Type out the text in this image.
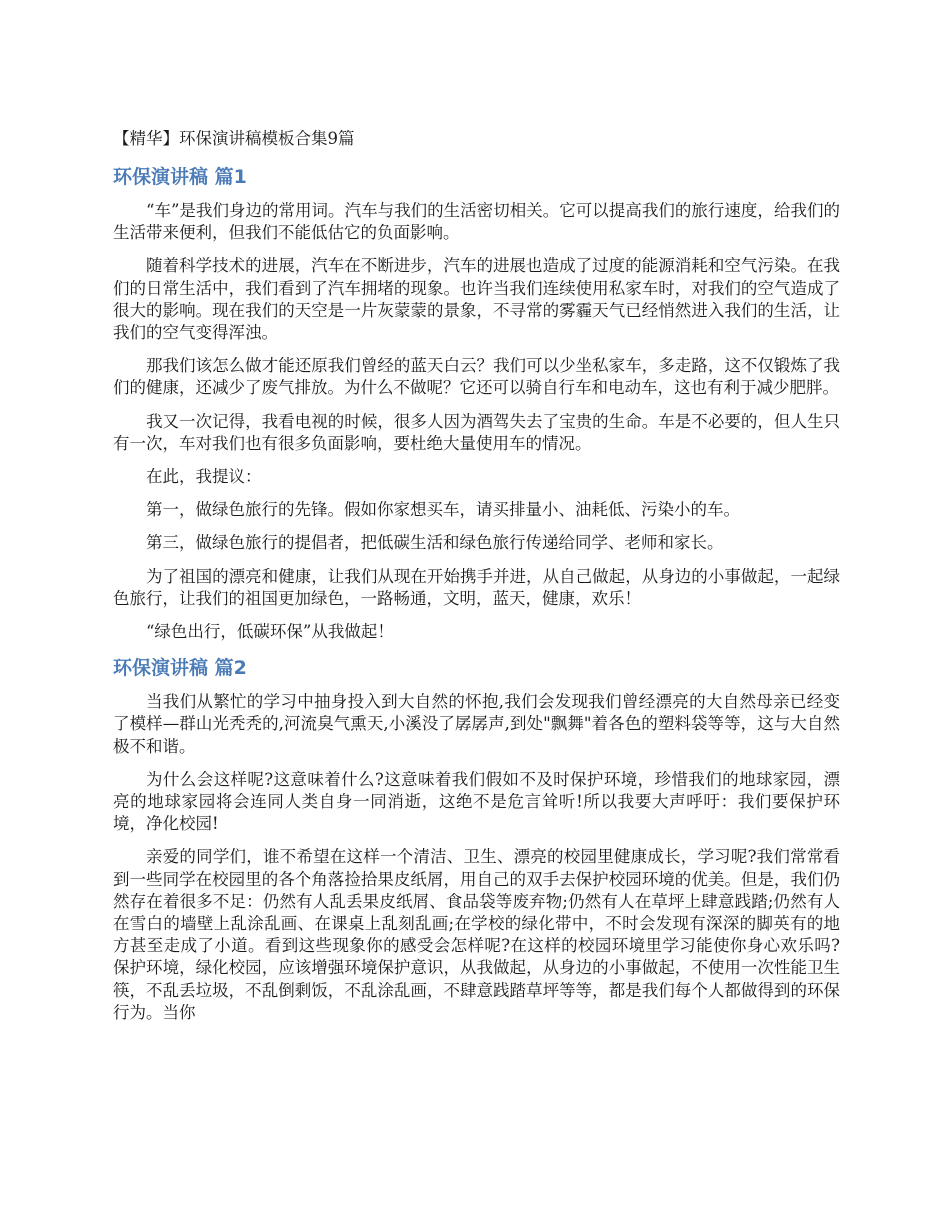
【精华】环保演讲稿模板合集9篇
环保演讲稿 篇1

“车”是我们身边的常用词。汽车与我们的生活密切相关。它可以提高我们的旅行速度，给我们的生活带来便利，但我们不能低估它的负面影响。

随着科学技术的进展，汽车在不断进步，汽车的进展也造成了过度的能源消耗和空气污染。在我们的日常生活中，我们看到了汽车拥堵的现象。也许当我们连续使用私家车时，对我们的空气造成了很大的影响。现在我们的天空是一片灰蒙蒙的景象，不寻常的雾霾天气已经悄然进入我们的生活，让我们的空气变得浑浊。

那我们该怎么做才能还原我们曾经的蓝天白云？我们可以少坐私家车，多走路，这不仅锻炼了我们的健康，还减少了废气排放。为什么不做呢？它还可以骑自行车和电动车，这也有利于减少肥胖。

我又一次记得，我看电视的时候，很多人因为酒驾失去了宝贵的生命。车是不必要的，但人生只有一次，车对我们也有很多负面影响，要杜绝大量使用车的情况。

在此，我提议：

第一，做绿色旅行的先锋。假如你家想买车，请买排量小、油耗低、污染小的车。

第三，做绿色旅行的提倡者，把低碳生活和绿色旅行传递给同学、老师和家长。

为了祖国的漂亮和健康，让我们从现在开始携手并进，从自己做起，从身边的小事做起，一起绿色旅行，让我们的祖国更加绿色，一路畅通，文明，蓝天，健康，欢乐！

“绿色出行，低碳环保”从我做起！

环保演讲稿 篇2

当我们从繁忙的学习中抽身投入到大自然的怀抱,我们会发现我们曾经漂亮的大自然母亲已经变了模样—群山光秃秃的,河流臭气熏天,小溪没了孱孱声,到处"飘舞"着各色的塑料袋等等，这与大自然极不和谐。

为什么会这样呢?这意味着什么?这意味着我们假如不及时保护环境，珍惜我们的地球家园，漂亮的地球家园将会连同人类自身一同消逝，这绝不是危言耸听!所以我要大声呼吁：我们要保护环境，净化校园!

亲爱的同学们，谁不希望在这样一个清洁、卫生、漂亮的校园里健康成长，学习呢?我们常常看到一些同学在校园里的各个角落捡拾果皮纸屑，用自己的双手去保护校园环境的优美。但是，我们仍然存在着很多不足：仍然有人乱丢果皮纸屑、食品袋等废弃物;仍然有人在草坪上肆意践踏;仍然有人在雪白的墙壁上乱涂乱画、在课桌上乱刻乱画;在学校的绿化带中，不时会发现有深深的脚英有的地方甚至走成了小道。看到这些现象你的感受会怎样呢?在这样的校园环境里学习能使你身心欢乐吗?保护环境，绿化校园，应该增强环境保护意识，从我做起，从身边的小事做起，不使用一次性能卫生筷，不乱丢垃圾，不乱倒剩饭，不乱涂乱画，不肆意践踏草坪等等，都是我们每个人都做得到的环保行为。当你
